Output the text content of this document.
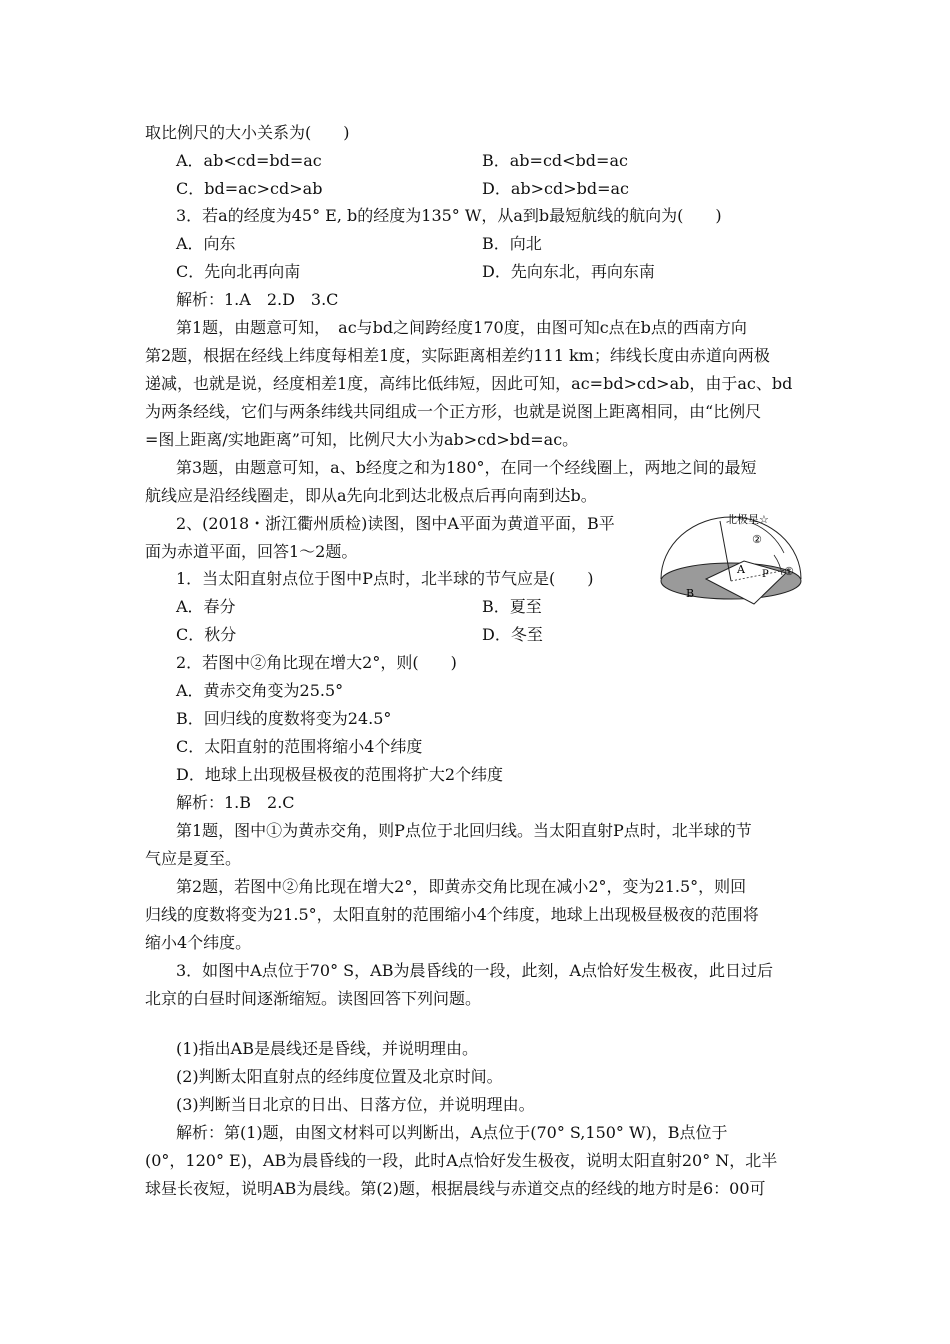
取比例尺的大小关系为(　　)
A．ab<cd=bd=ac
C．bd=ac>cd>ab
3．若a的经度为45° E, b的经度为135° W，从a到b最短航线的航向为(　　)
A．向东
C．先向北再向南
解析：1.A　2.D　3.C
第1题，由题意可知，　ac与bd之间跨经度170度，由图可知c点在b点的西南方向
第2题，根据在经线上纬度每相差1度，实际距离相差约111 km；纬线长度由赤道向两极
递减，也就是说，经度相差1度，高纬比低纬短，因此可知，ac=bd>cd>ab，由于ac、bd
为两条经线，它们与两条纬线共同组成一个正方形，也就是说图上距离相同，由“比例尺
=图上距离/实地距离”可知，比例尺大小为ab>cd>bd=ac。
第3题，由题意可知，a、b经度之和为180°，在同一个经线圈上，两地之间的最短
航线应是沿经线圈走，即从a先向北到达北极点后再向南到达b。
2、(2018・浙江衢州质检)读图，图中A平面为黄道平面，B平
面为赤道平面，回答1～2题。
1．当太阳直射点位于图中P点时，北半球的节气应是(　　)
A．春分
C．秋分
2．若图中②角比现在增大2°，则(　　)
A．黄赤交角变为25.5°
B．回归线的度数将变为24.5°
C．太阳直射的范围将缩小4个纬度
D．地球上出现极昼极夜的范围将扩大2个纬度
解析：1.B　2.C
第1题，图中①为黄赤交角，则P点位于北回归线。当太阳直射P点时，北半球的节
气应是夏至。
第2题，若图中②角比现在增大2°，即黄赤交角比现在减小2°，变为21.5°，则回
归线的度数将变为21.5°，太阳直射的范围缩小4个纬度，地球上出现极昼极夜的范围将
缩小4个纬度。
3．如图中A点位于70° S，AB为晨昏线的一段，此刻，A点恰好发生极夜，此日过后
北京的白昼时间逐渐缩短。读图回答下列问题。
(1)指出AB是晨线还是昏线，并说明理由。
(2)判断太阳直射点的经纬度位置及北京时间。
(3)判断当日北京的日出、日落方位，并说明理由。
解析：第(1)题，由图文材料可以判断出，A点位于(70° S,150° W)，B点位于
(0°，120° E)，AB为晨昏线的一段，此时A点恰好发生极夜，说明太阳直射20° N，北半
球昼长夜短，说明AB为晨线。第(2)题，根据晨线与赤道交点的经线的地方时是6：00可
B．ab=cd<bd=ac
D．ab>cd>bd=ac
B．向北
D．先向东北，再向东南
B．夏至
D．冬至
北极星☆
②
①
A P
B
